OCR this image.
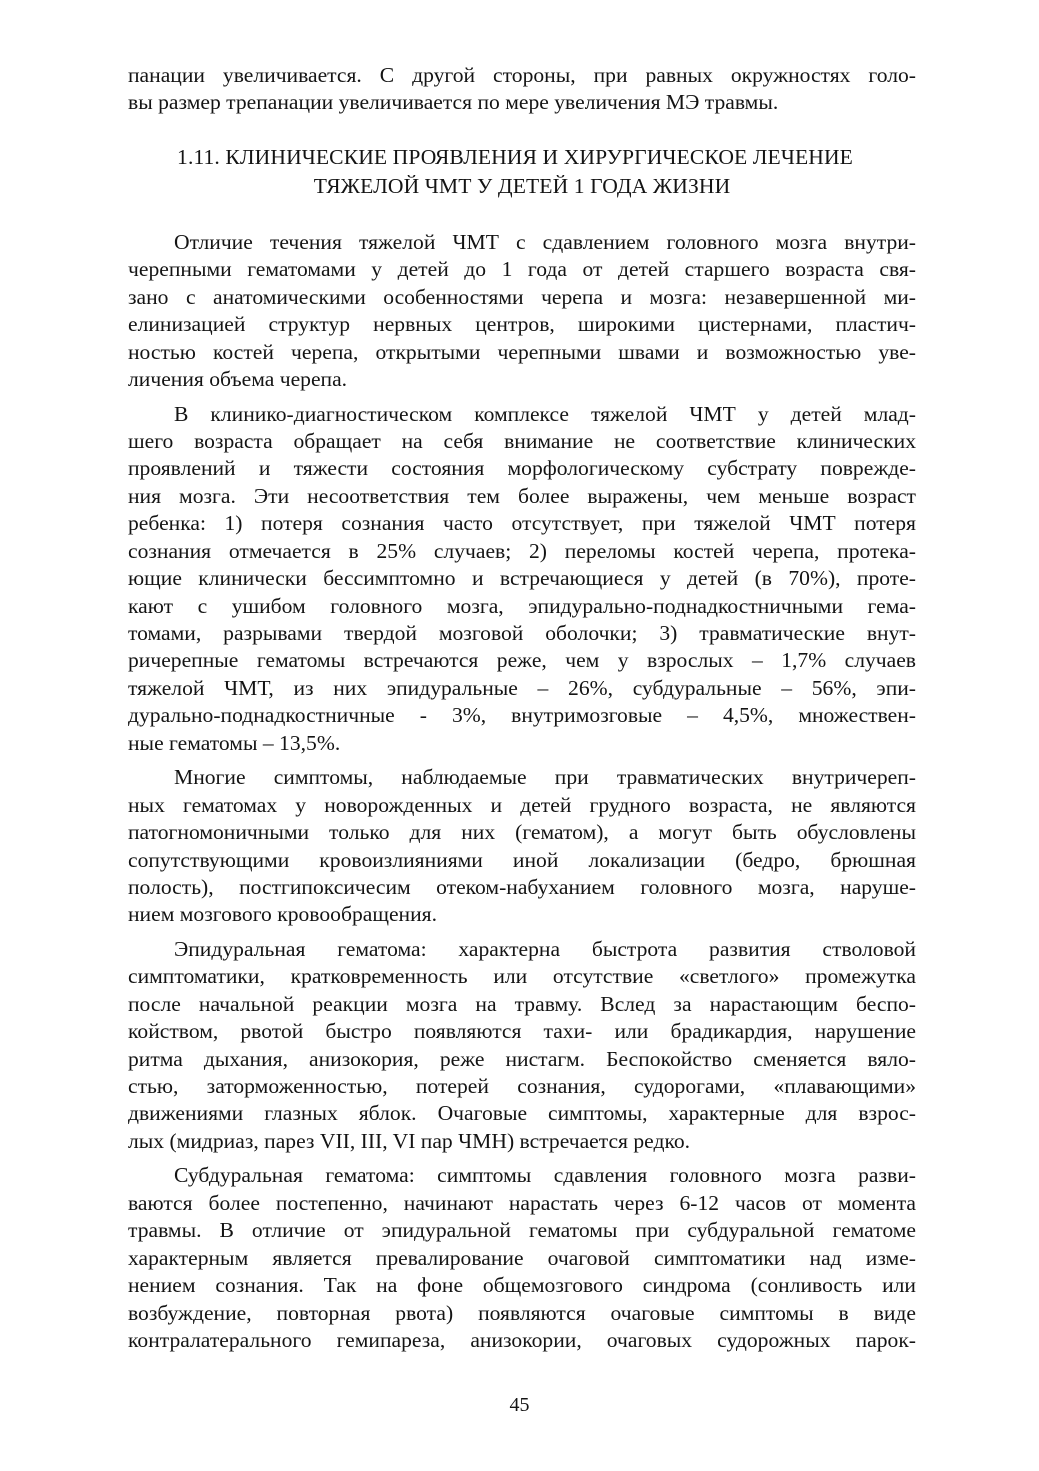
панации увеличивается. С другой стороны, при равных окружностях голо-
вы размер трепанации увеличивается по мере увеличения МЭ травмы.
1.11. КЛИНИЧЕСКИЕ ПРОЯВЛЕНИЯ И ХИРУРГИЧЕСКОЕ ЛЕЧЕНИЕ
ТЯЖЕЛОЙ ЧМТ У ДЕТЕЙ 1 ГОДА ЖИЗНИ
Отличие течения тяжелой ЧМТ с сдавлением головного мозга внутри-
черепными гематомами у детей до 1 года от детей старшего возраста свя-
зано с анатомическими особенностями черепа и мозга: незавершенной ми-
елинизацией структур нервных центров, широкими цистернами, пластич-
ностью костей черепа, открытыми черепными швами и возможностью уве-
личения объема черепа.
В клинико-диагностическом комплексе тяжелой ЧМТ у детей млад-
шего возраста обращает на себя внимание не соответствие клинических
проявлений и тяжести состояния морфологическому субстрату поврежде-
ния мозга. Эти несоответствия тем более выражены, чем меньше возраст
ребенка: 1) потеря сознания часто отсутствует, при тяжелой ЧМТ потеря
сознания отмечается в 25% случаев; 2) переломы костей черепа, протека-
ющие клинически бессимптомно и встречающиеся у детей (в 70%), проте-
кают с ушибом головного мозга, эпидурально-поднадкостничными гема-
томами, разрывами твердой мозговой оболочки; 3) травматические внут-
ричерепные гематомы встречаются реже, чем у взрослых – 1,7% случаев
тяжелой ЧМТ, из них эпидуральные – 26%, субдуральные – 56%, эпи-
дурально-поднадкостничные - 3%, внутримозговые – 4,5%, множествен-
ные гематомы – 13,5%.
Многие симптомы, наблюдаемые при травматических внутричереп-
ных гематомах у новорожденных и детей грудного возраста, не являются
патогномоничными только для них (гематом), а могут быть обусловлены
сопутствующими кровоизлияниями иной локализации (бедро, брюшная
полость), постгипоксичесим отеком-набуханием головного мозга, наруше-
нием мозгового кровообращения.
Эпидуральная гематома: характерна быстрота развития стволовой
симптоматики, кратковременность или отсутствие «светлого» промежутка
после начальной реакции мозга на травму. Вслед за нарастающим беспо-
койством, рвотой быстро появляются тахи- или брадикардия, нарушение
ритма дыхания, анизокория, реже нистагм. Беспокойство сменяется вяло-
стью, заторможенностью, потерей сознания, судорогами, «плавающими»
движениями глазных яблок. Очаговые симптомы, характерные для взрос-
лых (мидриаз, парез VII, III, VI пар ЧМН) встречается редко.
Субдуральная гематома: симптомы сдавления головного мозга разви-
ваются более постепенно, начинают нарастать через 6-12 часов от момента
травмы. В отличие от эпидуральной гематомы при субдуральной гематоме
характерным является превалирование очаговой симптоматики над изме-
нением сознания. Так на фоне общемозгового синдрома (сонливость или
возбуждение, повторная рвота) появляются очаговые симптомы в виде
контралатерального гемипареза, анизокории, очаговых судорожных парок-
45
